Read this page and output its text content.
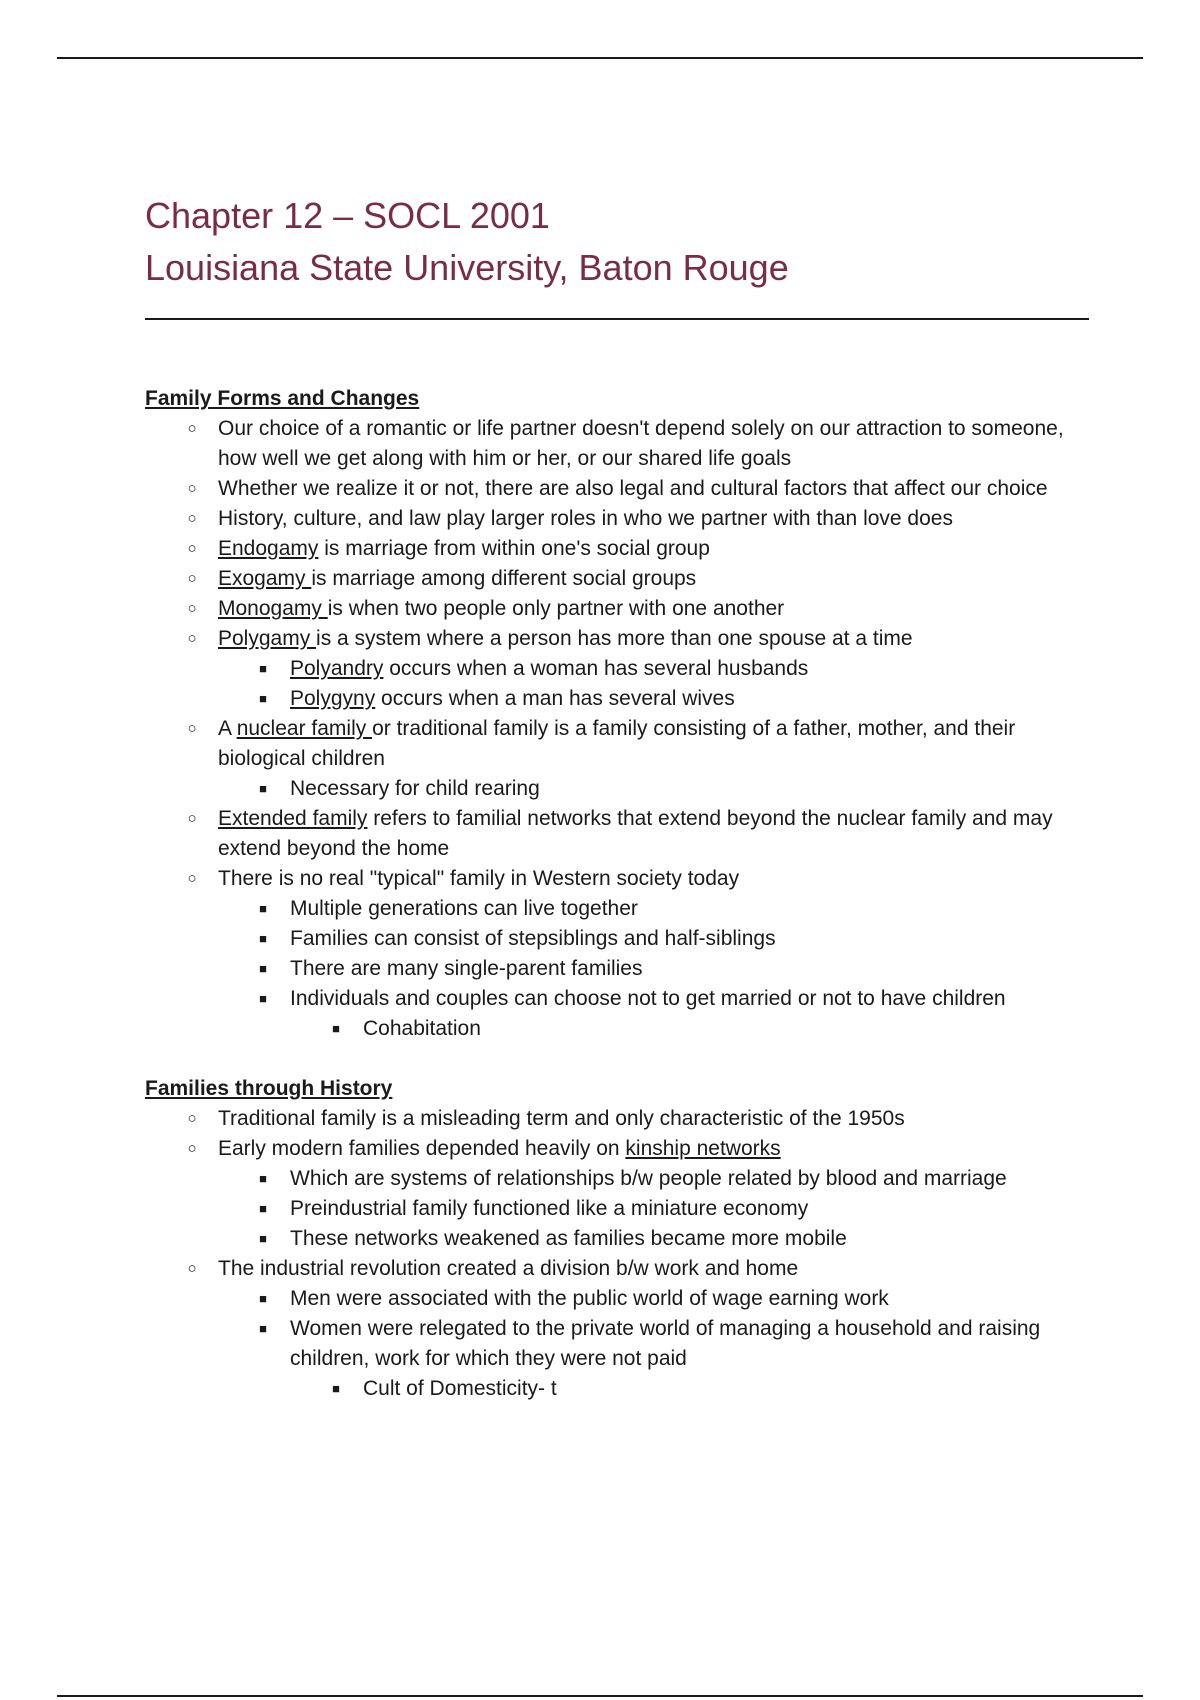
Chapter 12 – SOCL 2001
Louisiana State University, Baton Rouge
Family Forms and Changes
○ Our choice of a romantic or life partner doesn't depend solely on our attraction to someone, how well we get along with him or her, or our shared life goals
○ Whether we realize it or not, there are also legal and cultural factors that affect our choice
○ History, culture, and law play larger roles in who we partner with than love does
○ Endogamy is marriage from within one's social group
○ Exogamy is marriage among different social groups
○ Monogamy is when two people only partner with one another
○ Polygamy is a system where a person has more than one spouse at a time
■ Polyandry occurs when a woman has several husbands
■ Polygyny occurs when a man has several wives
○ A nuclear family or traditional family is a family consisting of a father, mother, and their biological children
■ Necessary for child rearing
○ Extended family refers to familial networks that extend beyond the nuclear family and may extend beyond the home
○ There is no real "typical" family in Western society today
■ Multiple generations can live together
■ Families can consist of stepsiblings and half-siblings
■ There are many single-parent families
■ Individuals and couples can choose not to get married or not to have children
■ Cohabitation
Families through History
○ Traditional family is a misleading term and only characteristic of the 1950s
○ Early modern families depended heavily on kinship networks
■ Which are systems of relationships b/w people related by blood and marriage
■ Preindustrial family functioned like a miniature economy
■ These networks weakened as families became more mobile
○ The industrial revolution created a division b/w work and home
■ Men were associated with the public world of wage earning work
■ Women were relegated to the private world of managing a household and raising children, work for which they were not paid
■ Cult of Domesticity- t
